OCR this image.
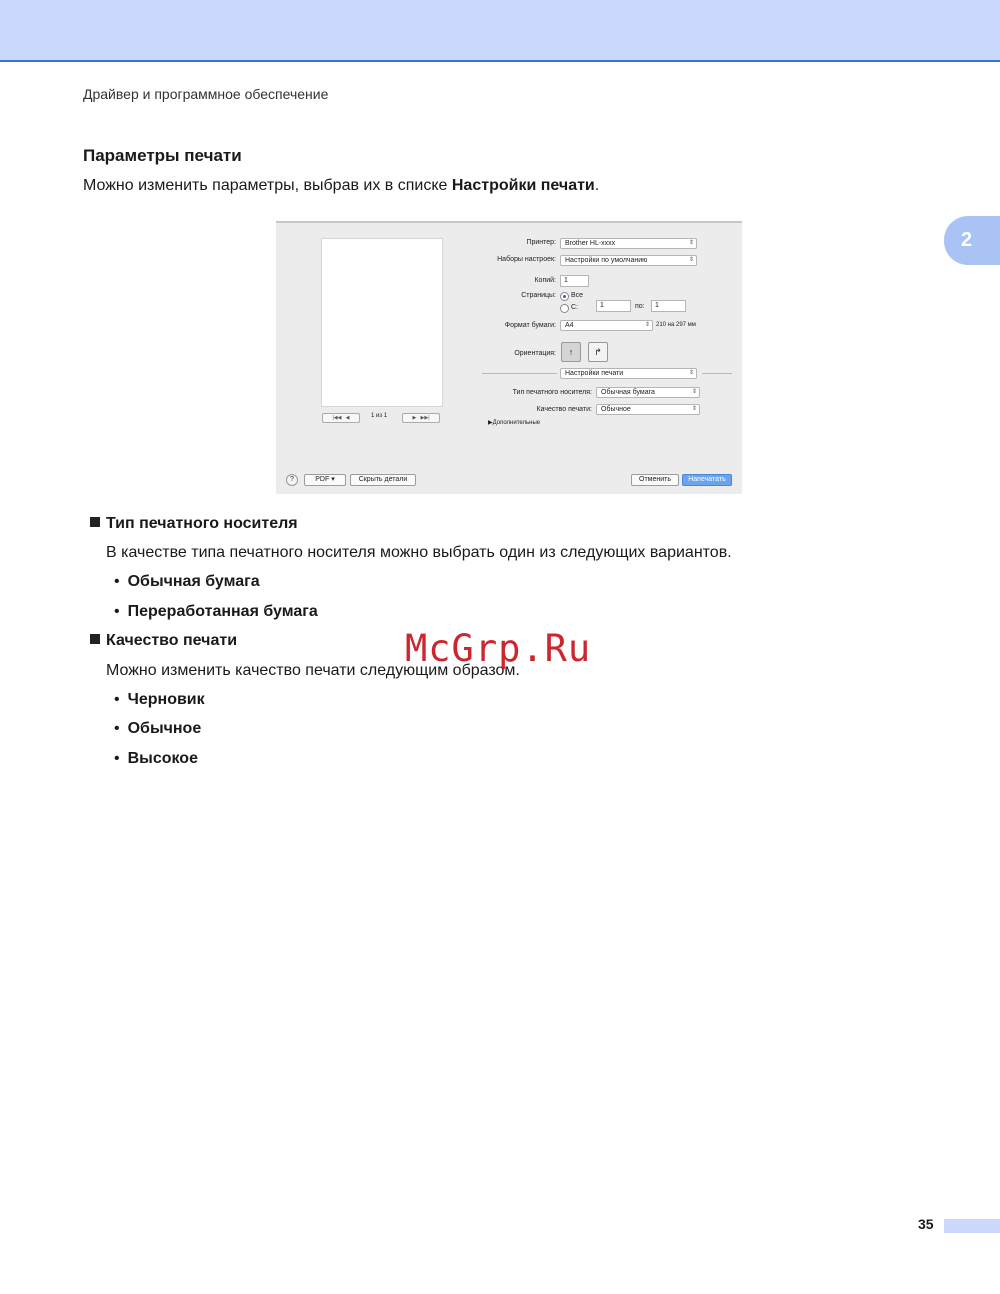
Драйвер и программное обеспечение
2
Параметры печати
Можно изменить параметры, выбрав их в списке Настройки печати.
|◀◀   ◀	1 из 1	▶   ▶▶|
Принтер:	Brother HL-xxxx	⇕
Наборы настроек:	Настройки по умолчанию	⇕
Копий:	1
Страницы: Все
С:	1	по:	1
Формат бумаги:	A4	⇕ 210 на 297 мм
Ориентация:	↑	↱
Настройки печати	⇕
Тип печатного носителя:	Обычная бумага	⇕
Качество печати:	Обычное	⇕
▶Дополнительные
?	PDF ▾	Скрыть детали	Отменить	Напечатать
Тип печатного носителя
В качестве типа печатного носителя можно выбрать один из следующих вариантов.
• Обычная бумага
• Переработанная бумага
Качество печати
Можно изменить качество печати следующим образом.
• Черновик
• Обычное
• Высокое
McGrp.Ru
35
